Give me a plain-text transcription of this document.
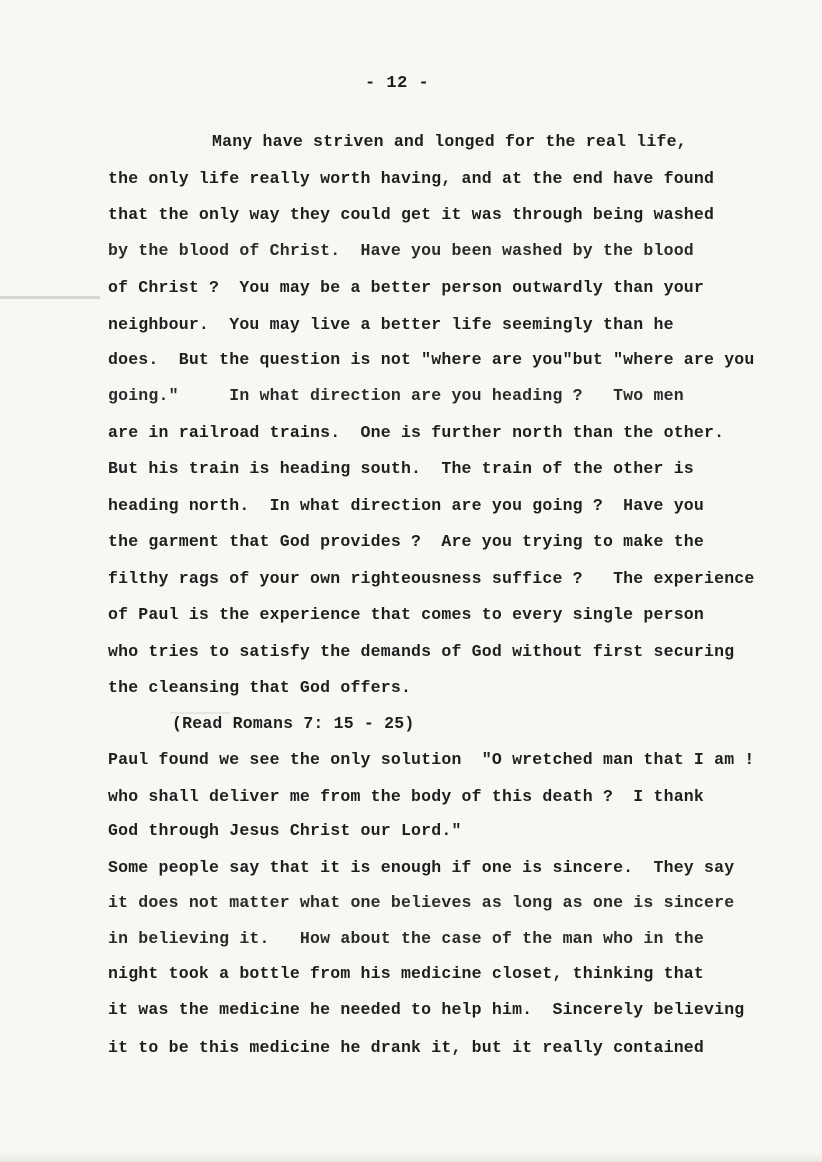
- 12 -
Many have striven and longed for the real life,
the only life really worth having, and at the end have found
that the only way they could get it was through being washed
by the blood of Christ.  Have you been washed by the blood
of Christ ?  You may be a better person outwardly than your
neighbour.  You may live a better life seemingly than he
does.  But the question is not "where are you"but "where are you
going."     In what direction are you heading ?   Two men
are in railroad trains.  One is further north than the other.
But his train is heading south.  The train of the other is
heading north.  In what direction are you going ?  Have you
the garment that God provides ?  Are you trying to make the
filthy rags of your own righteousness suffice ?   The experience
of Paul is the experience that comes to every single person
who tries to satisfy the demands of God without first securing
the cleansing that God offers.
(Read Romans 7: 15 - 25)
Paul found we see the only solution  "O wretched man that I am !
who shall deliver me from the body of this death ?  I thank
God through Jesus Christ our Lord."
Some people say that it is enough if one is sincere.  They say
it does not matter what one believes as long as one is sincere
in believing it.   How about the case of the man who in the
night took a bottle from his medicine closet, thinking that
it was the medicine he needed to help him.  Sincerely believing
it to be this medicine he drank it, but it really contained
